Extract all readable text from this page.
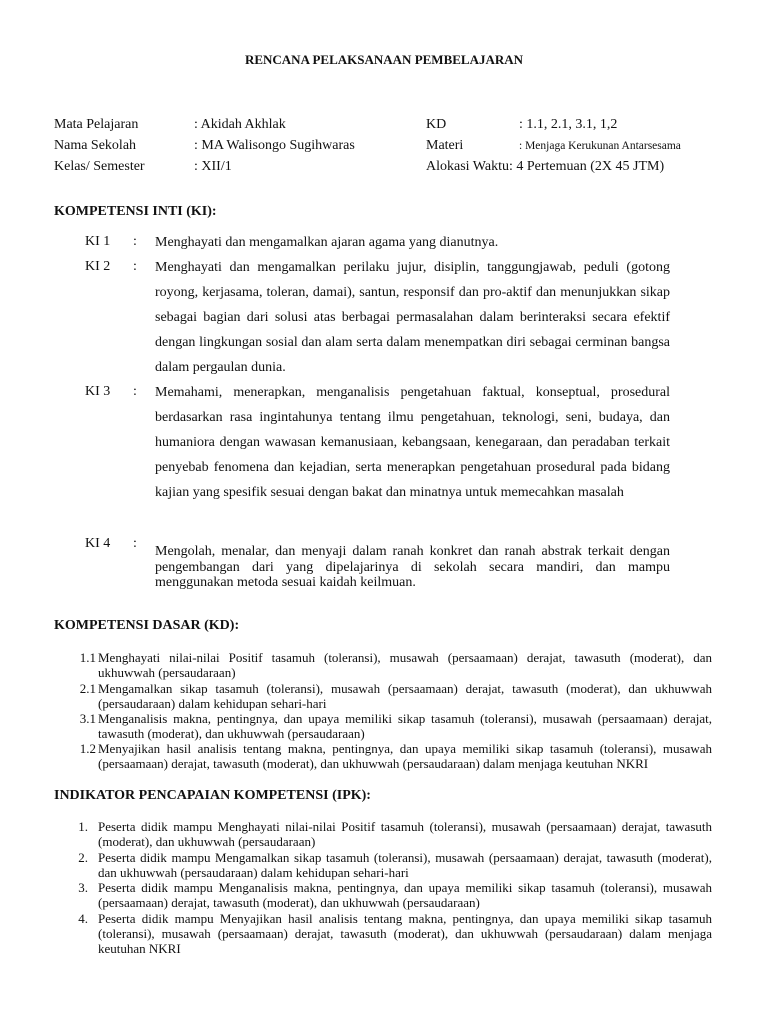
RENCANA PELAKSANAAN PEMBELAJARAN
Mata Pelajaran
Nama Sekolah
Kelas/ Semester
: Akidah Akhlak
: MA Walisongo Sugihwaras
: XII/1
KD	: 1.1, 2.1, 3.1, 1,2
Materi	: Menjaga Kerukunan Antarsesama
Alokasi Waktu: 4 Pertemuan (2X 45 JTM)
KOMPETENSI INTI (KI):
KI 1 : Menghayati dan mengamalkan ajaran agama yang dianutnya.
KI 2 : Menghayati dan mengamalkan perilaku jujur, disiplin, tanggungjawab, peduli (gotong royong, kerjasama, toleran, damai), santun, responsif dan pro-aktif dan menunjukkan sikap sebagai bagian dari solusi atas berbagai permasalahan dalam berinteraksi secara efektif dengan lingkungan sosial dan alam serta dalam menempatkan diri sebagai cerminan bangsa dalam pergaulan dunia.
KI 3 : Memahami, menerapkan, menganalisis pengetahuan faktual, konseptual, prosedural berdasarkan rasa ingintahunya tentang ilmu pengetahuan, teknologi, seni, budaya, dan humaniora dengan wawasan kemanusiaan, kebangsaan, kenegaraan, dan peradaban terkait penyebab fenomena dan kejadian, serta menerapkan pengetahuan prosedural pada bidang kajian yang spesifik sesuai dengan bakat dan minatnya untuk memecahkan masalah
KI 4 :
Mengolah, menalar, dan menyaji dalam ranah konkret dan ranah abstrak terkait dengan pengembangan dari yang dipelajarinya di sekolah secara mandiri, dan mampu menggunakan metoda sesuai kaidah keilmuan.
KOMPETENSI DASAR (KD):
1.1 Menghayati nilai-nilai Positif tasamuh (toleransi), musawah (persaamaan) derajat, tawasuth (moderat), dan ukhuwwah (persaudaraan)
2.1 Mengamalkan sikap tasamuh (toleransi), musawah (persaamaan) derajat, tawasuth (moderat), dan ukhuwwah (persaudaraan) dalam kehidupan sehari-hari
3.1 Menganalisis makna, pentingnya, dan upaya memiliki sikap tasamuh (toleransi), musawah (persaamaan) derajat, tawasuth (moderat), dan ukhuwwah (persaudaraan)
1.2 Menyajikan hasil analisis tentang makna, pentingnya, dan upaya memiliki sikap tasamuh (toleransi), musawah (persaamaan) derajat, tawasuth (moderat), dan ukhuwwah (persaudaraan) dalam menjaga keutuhan NKRI
INDIKATOR PENCAPAIAN KOMPETENSI (IPK):
1. Peserta didik mampu Menghayati nilai-nilai Positif tasamuh (toleransi), musawah (persaamaan) derajat, tawasuth (moderat), dan ukhuwwah (persaudaraan)
2. Peserta didik mampu Mengamalkan sikap tasamuh (toleransi), musawah (persaamaan) derajat, tawasuth (moderat), dan ukhuwwah (persaudaraan) dalam kehidupan sehari-hari
3. Peserta didik mampu Menganalisis makna, pentingnya, dan upaya memiliki sikap tasamuh (toleransi), musawah (persaamaan) derajat, tawasuth (moderat), dan ukhuwwah (persaudaraan)
4. Peserta didik mampu Menyajikan hasil analisis tentang makna, pentingnya, dan upaya memiliki sikap tasamuh (toleransi), musawah (persaamaan) derajat, tawasuth (moderat), dan ukhuwwah (persaudaraan) dalam menjaga keutuhan NKRI
